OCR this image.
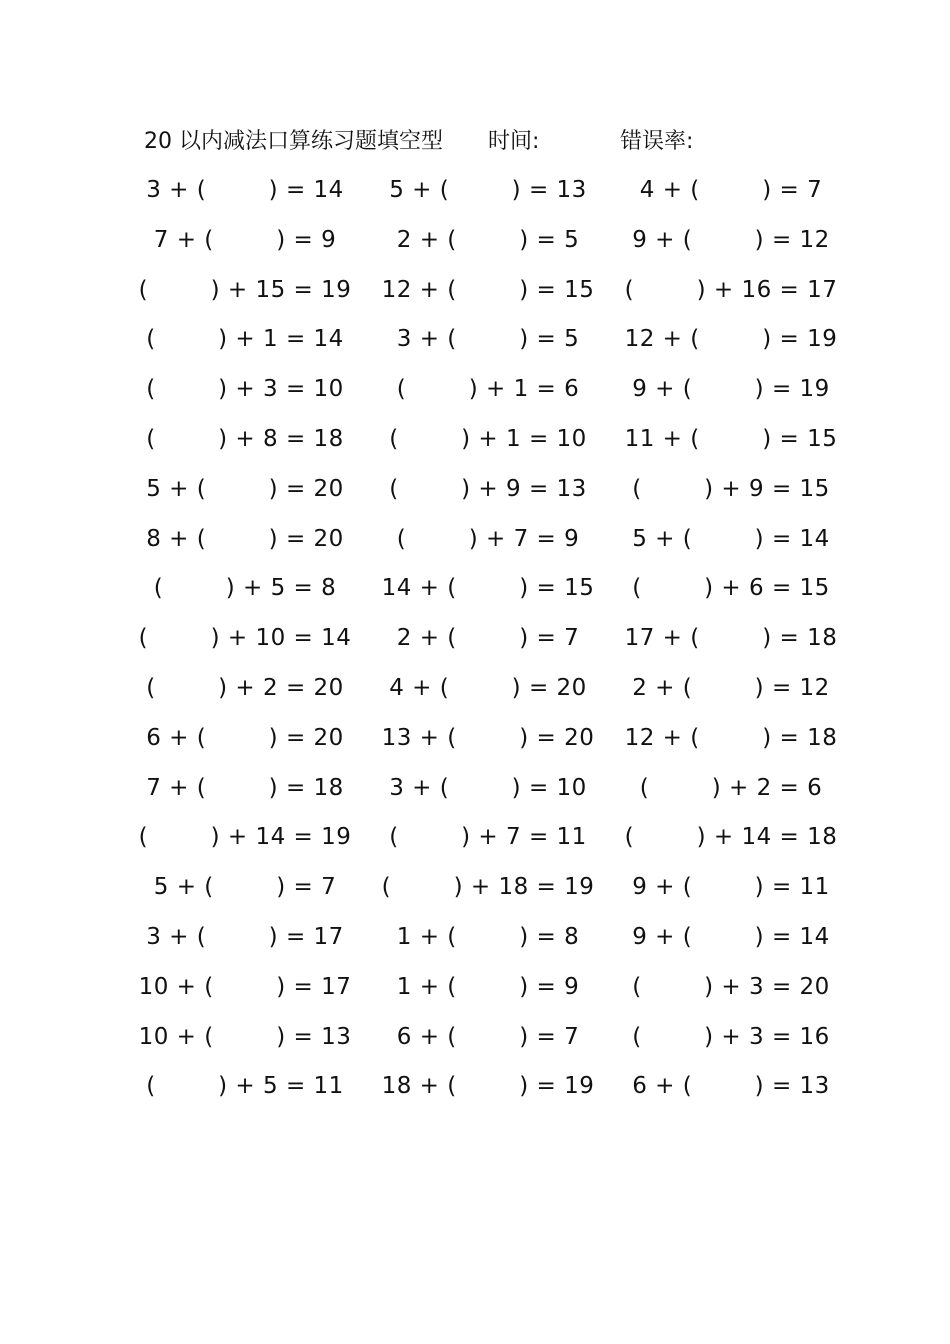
20 以内减法口算练习题填空型 时间:	错误率:
3 + (        ) = 14	5 + (        ) = 13	4 + (        ) = 7
7 + (        ) = 9	2 + (        ) = 5	9 + (        ) = 12
(        ) + 15 = 19	12 + (        ) = 15	(        ) + 16 = 17
(        ) + 1 = 14	3 + (        ) = 5	12 + (        ) = 19
(        ) + 3 = 10	(        ) + 1 = 6	9 + (        ) = 19
(        ) + 8 = 18	(        ) + 1 = 10	11 + (        ) = 15
5 + (        ) = 20	(        ) + 9 = 13	(        ) + 9 = 15
8 + (        ) = 20	(        ) + 7 = 9	5 + (        ) = 14
(        ) + 5 = 8	14 + (        ) = 15	(        ) + 6 = 15
(        ) + 10 = 14	2 + (        ) = 7	17 + (        ) = 18
(        ) + 2 = 20	4 + (        ) = 20	2 + (        ) = 12
6 + (        ) = 20	13 + (        ) = 20	12 + (        ) = 18
7 + (        ) = 18	3 + (        ) = 10	(        ) + 2 = 6
(        ) + 14 = 19	(        ) + 7 = 11	(        ) + 14 = 18
5 + (        ) = 7	(        ) + 18 = 19	9 + (        ) = 11
3 + (        ) = 17	1 + (        ) = 8	9 + (        ) = 14
10 + (        ) = 17	1 + (        ) = 9	(        ) + 3 = 20
10 + (        ) = 13	6 + (        ) = 7	(        ) + 3 = 16
(        ) + 5 = 11	18 + (        ) = 19	6 + (        ) = 13
